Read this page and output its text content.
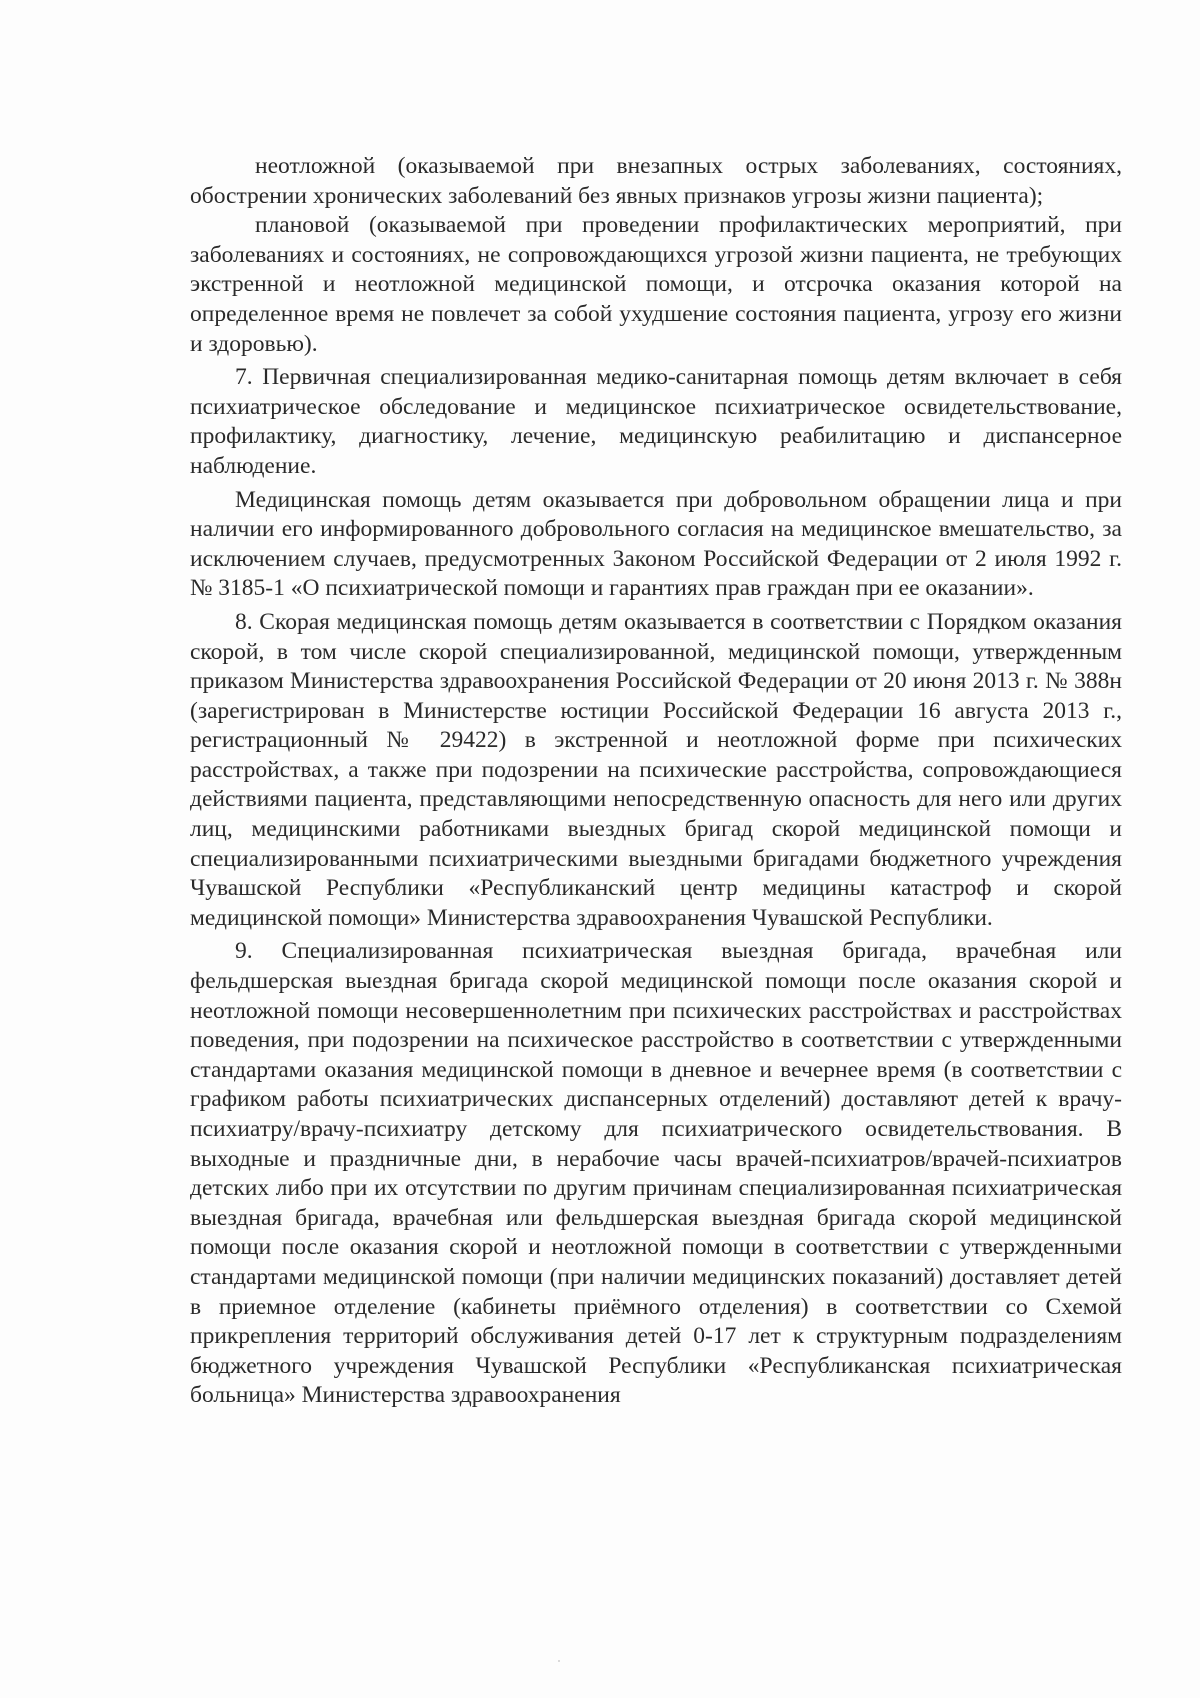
неотложной (оказываемой при внезапных острых заболеваниях, состояниях, обострении хронических заболеваний без явных признаков угрозы жизни пациента);

плановой (оказываемой при проведении профилактических мероприятий, при заболеваниях и состояниях, не сопровождающихся угрозой жизни пациента, не требующих экстренной и неотложной медицинской помощи, и отсрочка оказания которой на определенное время не повлечет за собой ухудшение состояния пациента, угрозу его жизни и здоровью).

7. Первичная специализированная медико-санитарная помощь детям включает в себя психиатрическое обследование и медицинское психиатрическое освидетельствование, профилактику, диагностику, лечение, медицинскую реабилитацию и диспансерное наблюдение.

Медицинская помощь детям оказывается при добровольном обращении лица и при наличии его информированного добровольного согласия на медицинское вмешательство, за исключением случаев, предусмотренных Законом Российской Федерации от 2 июля 1992 г. № 3185-1 «О психиатрической помощи и гарантиях прав граждан при ее оказании».

8. Скорая медицинская помощь детям оказывается в соответствии с Порядком оказания скорой, в том числе скорой специализированной, медицинской помощи, утвержденным приказом Министерства здравоохранения Российской Федерации от 20 июня 2013 г. № 388н (зарегистрирован в Министерстве юстиции Российской Федерации 16 августа 2013 г., регистрационный № 29422) в экстренной и неотложной форме при психических расстройствах, а также при подозрении на психические расстройства, сопровождающиеся действиями пациента, представляющими непосредственную опасность для него или других лиц, медицинскими работниками выездных бригад скорой медицинской помощи и специализированными психиатрическими выездными бригадами бюджетного учреждения Чувашской Республики «Республиканский центр медицины катастроф и скорой медицинской помощи» Министерства здравоохранения Чувашской Республики.

9. Специализированная психиатрическая выездная бригада, врачебная или фельдшерская выездная бригада скорой медицинской помощи после оказания скорой и неотложной помощи несовершеннолетним при психических расстройствах и расстройствах поведения, при подозрении на психическое расстройство в соответствии с утвержденными стандартами оказания медицинской помощи в дневное и вечернее время (в соответствии с графиком работы психиатрических диспансерных отделений) доставляют детей к врачу-психиатру/врачу-психиатру детскому для психиатрического освидетельствования. В выходные и праздничные дни, в нерабочие часы врачей-психиатров/врачей-психиатров детских либо при их отсутствии по другим причинам специализированная психиатрическая выездная бригада, врачебная или фельдшерская выездная бригада скорой медицинской помощи после оказания скорой и неотложной помощи в соответствии с утвержденными стандартами медицинской помощи (при наличии медицинских показаний) доставляет детей в приемное отделение (кабинеты приёмного отделения) в соответствии со Схемой прикрепления территорий обслуживания детей 0-17 лет к структурным подразделениям бюджетного учреждения Чувашской Республики «Республиканская психиатрическая больница» Министерства здравоохранения
